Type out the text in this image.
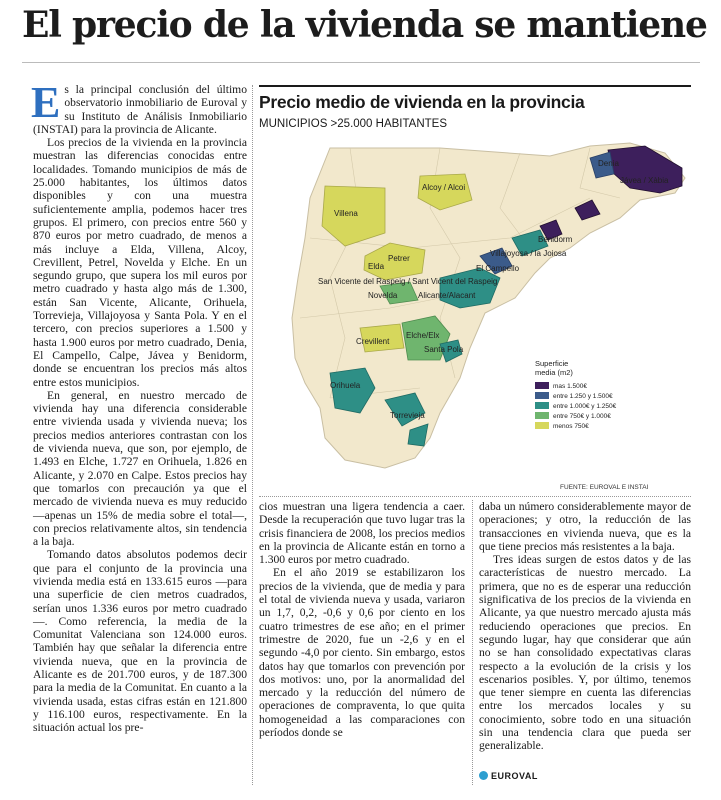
El precio de la vivienda se mantiene

Es la principal conclusión del último observatorio inmobiliario de Euroval y su Instituto de Análisis Inmobiliario (INSTAI) para la provincia de Alicante.

Los precios de la vivienda en la provincia muestran las diferencias conocidas entre localidades. Tomando municipios de más de 25.000 habitantes, los últimos datos disponibles y con una muestra suficientemente amplia, podemos hacer tres grupos. El primero, con precios entre 560 y 870 euros por metro cuadrado, de menos a más incluye a Elda, Villena, Alcoy, Crevillent, Petrel, Novelda y Elche. En un segundo grupo, que supera los mil euros por metro cuadrado y hasta algo más de 1.300, están San Vicente, Alicante, Orihuela, Torrevieja, Villajoyosa y Santa Pola. Y en el tercero, con precios superiores a 1.500 y hasta 1.900 euros por metro cuadrado, Denia, El Campello, Calpe, Jávea y Benidorm, donde se encuentran los precios más altos entre estos municipios.

En general, en nuestro mercado de vivienda hay una diferencia considerable entre vivienda usada y vivienda nueva; los precios medios anteriores contrastan con los de vivienda nueva, que son, por ejemplo, de 1.493 en Elche, 1.727 en Orihuela, 1.826 en Alicante, y 2.070 en Calpe. Estos precios hay que tomarlos con precaución ya que el mercado de vivienda nueva es muy reducido —apenas un 15% de media sobre el total—, con precios relativamente altos, sin tendencia a la baja.

Tomando datos absolutos podemos decir que para el conjunto de la provincia una vivienda media está en 133.615 euros —para una superficie de cien metros cuadrados, serían unos 1.336 euros por metro cuadrado—. Como referencia, la media de la Comunitat Valenciana son 124.000 euros. También hay que señalar la diferencia entre vivienda nueva, que en la provincia de Alicante es de 201.700 euros, y de 187.300 para la media de la Comunitat. En cuanto a la vivienda usada, estas cifras están en 121.800 y 116.100 euros, respectivamente. En la situación actual los pre-

Precio medio de vivienda en la provincia
MUNICIPIOS >25.000 HABITANTES
Villena
Alcoy / Alcoi
Denia
Jávea / Xàbia
Benidorm
Villajoyosa / la Joiosa
Elda
Petrer
El Campello
San Vicente del Raspeig / Sant Vicent del Raspeig
Novelda	Alicante/Alacant
Crevillent
Elche/Elx
Santa Pola
Orihuela
Torrevieja
Superficie
media (m2)
mas 1.500€
entre 1.250 y 1.500€
entre 1.000€ y 1.250€
entre 750€ y 1.000€
menos 750€
FUENTE: EUROVAL E INSTAI

cios muestran una ligera tendencia a caer. Desde la recuperación que tuvo lugar tras la crisis financiera de 2008, los precios medios en la provincia de Alicante están en torno a 1.300 euros por metro cuadrado.

En el año 2019 se estabilizaron los precios de la vivienda, que de media y para el total de vivienda nueva y usada, variaron un 1,7, 0,2, -0,6 y 0,6 por ciento en los cuatro trimestres de ese año; en el primer trimestre de 2020, fue un -2,6 y en el segundo -4,0 por ciento. Sin embargo, estos datos hay que tomarlos con prevención por dos motivos: uno, por la anormalidad del mercado y la reducción del número de operaciones de compraventa, lo que quita homogeneidad a las comparaciones con períodos donde se

daba un número considerablemente mayor de operaciones; y otro, la reducción de las transacciones en vivienda nueva, que es la que tiene precios más resistentes a la baja.

Tres ideas surgen de estos datos y de las características de nuestro mercado. La primera, que no es de esperar una reducción significativa de los precios de la vivienda en Alicante, ya que nuestro mercado ajusta más reduciendo operaciones que precios. En segundo lugar, hay que considerar que aún no se han consolidado expectativas claras respecto a la evolución de la crisis y los escenarios posibles. Y, por último, tenemos que tener siempre en cuenta las diferencias entre los mercados locales y su conocimiento, sobre todo en una situación sin una tendencia clara que pueda ser generalizable.

EUROVAL
